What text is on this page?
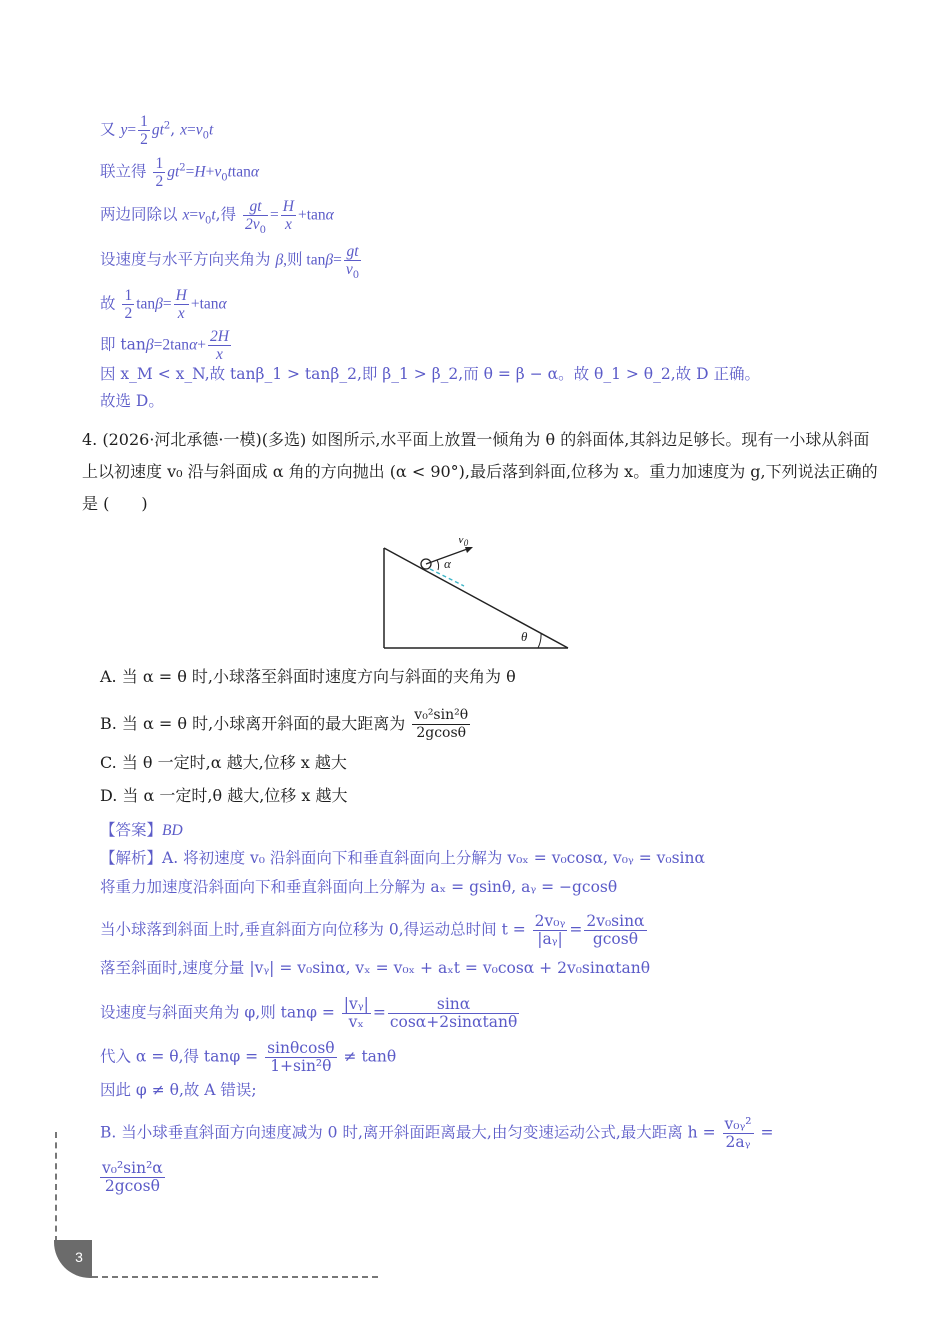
又 $y= \frac{1}{2} gt^2$, $x=v_0t$
联立得 $\frac{1}{2} gt^2=H+v_0ttan\alpha$
两边同除以 $x=v_0t$,得 $\frac{gt}{2v_0} = \frac{H}{x} +\tan\alpha$
设速度与水平方向夹角为 β,则 $\tan\beta= \frac{gt}{v_0}$
故 $\frac{1}{2} \tan\beta= \frac{H}{x} +\tan\alpha$
即 $\tan\beta=2\tan\alpha+ \frac{2H}{x}$
因 x_M < x_N,故 tanβ_1 > tanβ_2,即 β_1 > β_2,而 θ = β − α。故 θ_1 > θ_2,故 D 正确。
故选 D。
4. (2026·河北承德·一模)(多选) 如图所示,水平面上放置一倾角为 θ 的斜面体,其斜边足够长。现有一小球从斜面上以初速度 v₀ 沿与斜面成 α 角的方向抛出 (α < 90°),最后落到斜面,位移为 x。重力加速度为 g,下列说法正确的是 (　　)
$v_0$
α
θ
A. 当 α = θ 时,小球落至斜面时速度方向与斜面的夹角为 θ
B. 当 α = θ 时,小球离开斜面的最大距离为 $\frac{\text{v₀²sin²θ}}{2gcos\theta}$
C. 当 θ 一定时,α 越大,位移 x 越大
D. 当 α 一定时,θ 越大,位移 x 越大
【答案】BD
【解析】A. 将初速度 v₀ 沿斜面向下和垂直斜面向上分解为 v₀ₓ = v₀cosα, v₀ᵧ = v₀sinα
将重力加速度沿斜面向下和垂直斜面向上分解为 aₓ = gsinθ, aᵧ = −gcosθ
当小球落到斜面上时,垂直斜面方向位移为 0,得运动总时间 $t = \frac{\text{2v₀ᵧ}}{\text{|aᵧ|}} = \frac{\text{2v₀sinα}}{gcos\theta}$
落至斜面时,速度分量 |vᵧ| = v₀sinα, vₓ = v₀ₓ + aₓt = v₀cosα + 2v₀sinαtanθ
设速度与斜面夹角为 φ,则 $\tan\varphi = \frac{\text{|vᵧ|}}{\text{vₓ}} = \frac{\sin\alpha}{\cos\alpha+2\sin\alpha\tan\theta}$
代入 α = θ,得 $\tan\varphi = \frac{\sin\theta\cos\theta}{\text{1+sin²θ}} \ne \tan\theta$
因此 φ ≠ θ,故 A 错误;
B. 当小球垂直斜面方向速度减为 0 时,离开斜面距离最大,由匀变速运动公式,最大距离 $h = \frac{\text{v₀ᵧ²}}{\text{2aᵧ}}$ =
$\frac{\text{v₀²sin²α}}{2gcos\theta}$
3
